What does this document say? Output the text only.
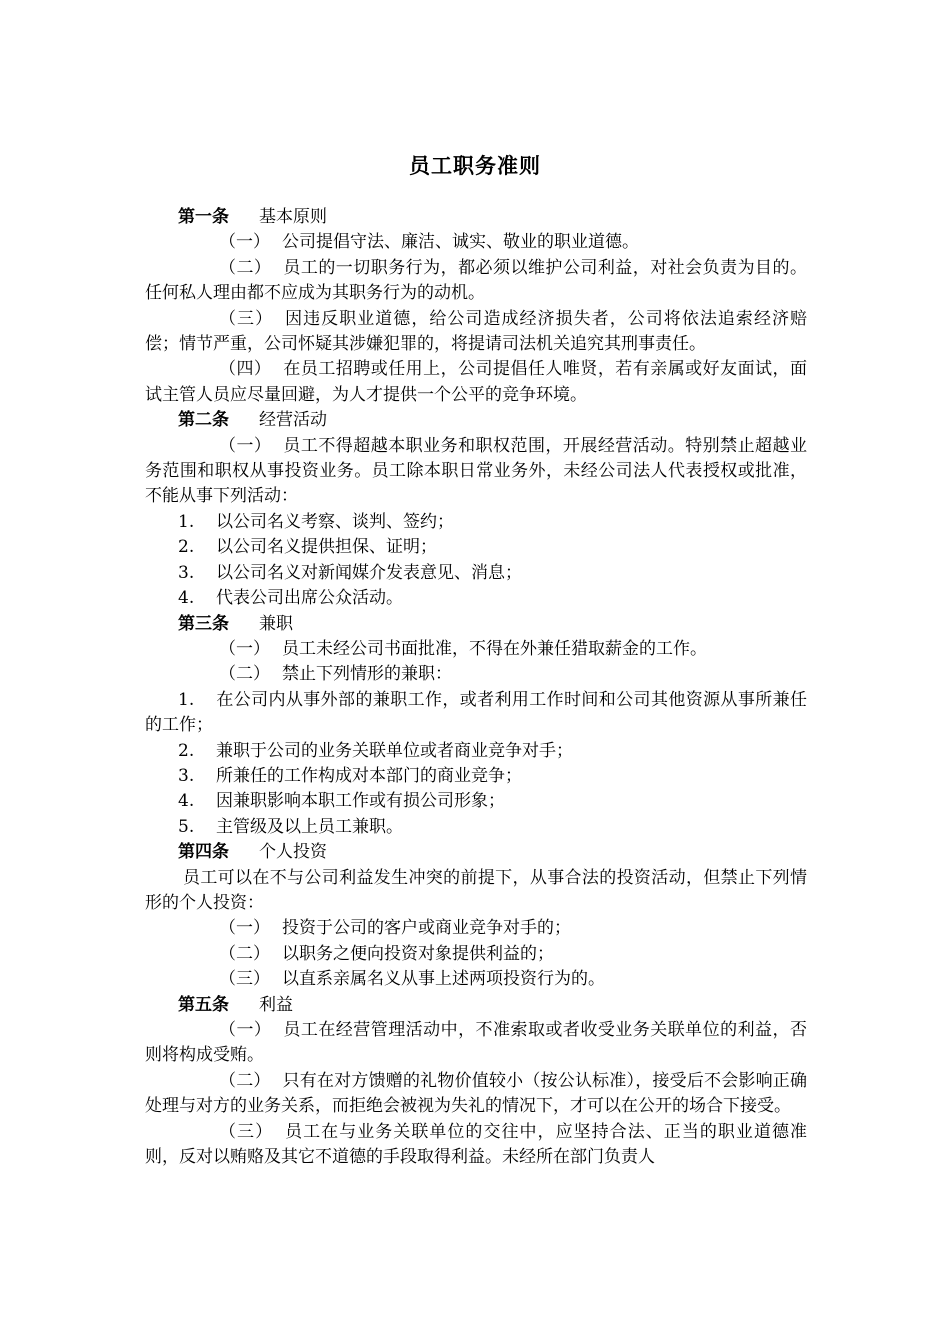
员工职务准则

第一条 基本原则

（一） 公司提倡守法、廉洁、诚实、敬业的职业道德。

（二） 员工的一切职务行为，都必须以维护公司利益，对社会负责为目的。任何私人理由都不应成为其职务行为的动机。

（三） 因违反职业道德，给公司造成经济损失者，公司将依法追索经济赔偿；情节严重，公司怀疑其涉嫌犯罪的，将提请司法机关追究其刑事责任。

（四） 在员工招聘或任用上，公司提倡任人唯贤，若有亲属或好友面试，面试主管人员应尽量回避，为人才提供一个公平的竞争环境。

第二条 经营活动

（一） 员工不得超越本职业务和职权范围，开展经营活动。特别禁止超越业务范围和职权从事投资业务。员工除本职日常业务外，未经公司法人代表授权或批准，不能从事下列活动：

1. 以公司名义考察、谈判、签约；

2. 以公司名义提供担保、证明；

3. 以公司名义对新闻媒介发表意见、消息；

4. 代表公司出席公众活动。

第三条 兼职

（一） 员工未经公司书面批准，不得在外兼任猎取薪金的工作。

（二） 禁止下列情形的兼职：

1. 在公司内从事外部的兼职工作，或者利用工作时间和公司其他资源从事所兼任的工作；

2. 兼职于公司的业务关联单位或者商业竞争对手；

3. 所兼任的工作构成对本部门的商业竞争；

4. 因兼职影响本职工作或有损公司形象；

5. 主管级及以上员工兼职。

第四条 个人投资

员工可以在不与公司利益发生冲突的前提下，从事合法的投资活动，但禁止下列情形的个人投资：

（一） 投资于公司的客户或商业竞争对手的；

（二） 以职务之便向投资对象提供利益的；

（三） 以直系亲属名义从事上述两项投资行为的。

第五条 利益

（一） 员工在经营管理活动中，不准索取或者收受业务关联单位的利益，否则将构成受贿。

（二） 只有在对方馈赠的礼物价值较小（按公认标准），接受后不会影响正确处理与对方的业务关系，而拒绝会被视为失礼的情况下，才可以在公开的场合下接受。

（三） 员工在与业务关联单位的交往中，应坚持合法、正当的职业道德准则，反对以贿赂及其它不道德的手段取得利益。未经所在部门负责人
